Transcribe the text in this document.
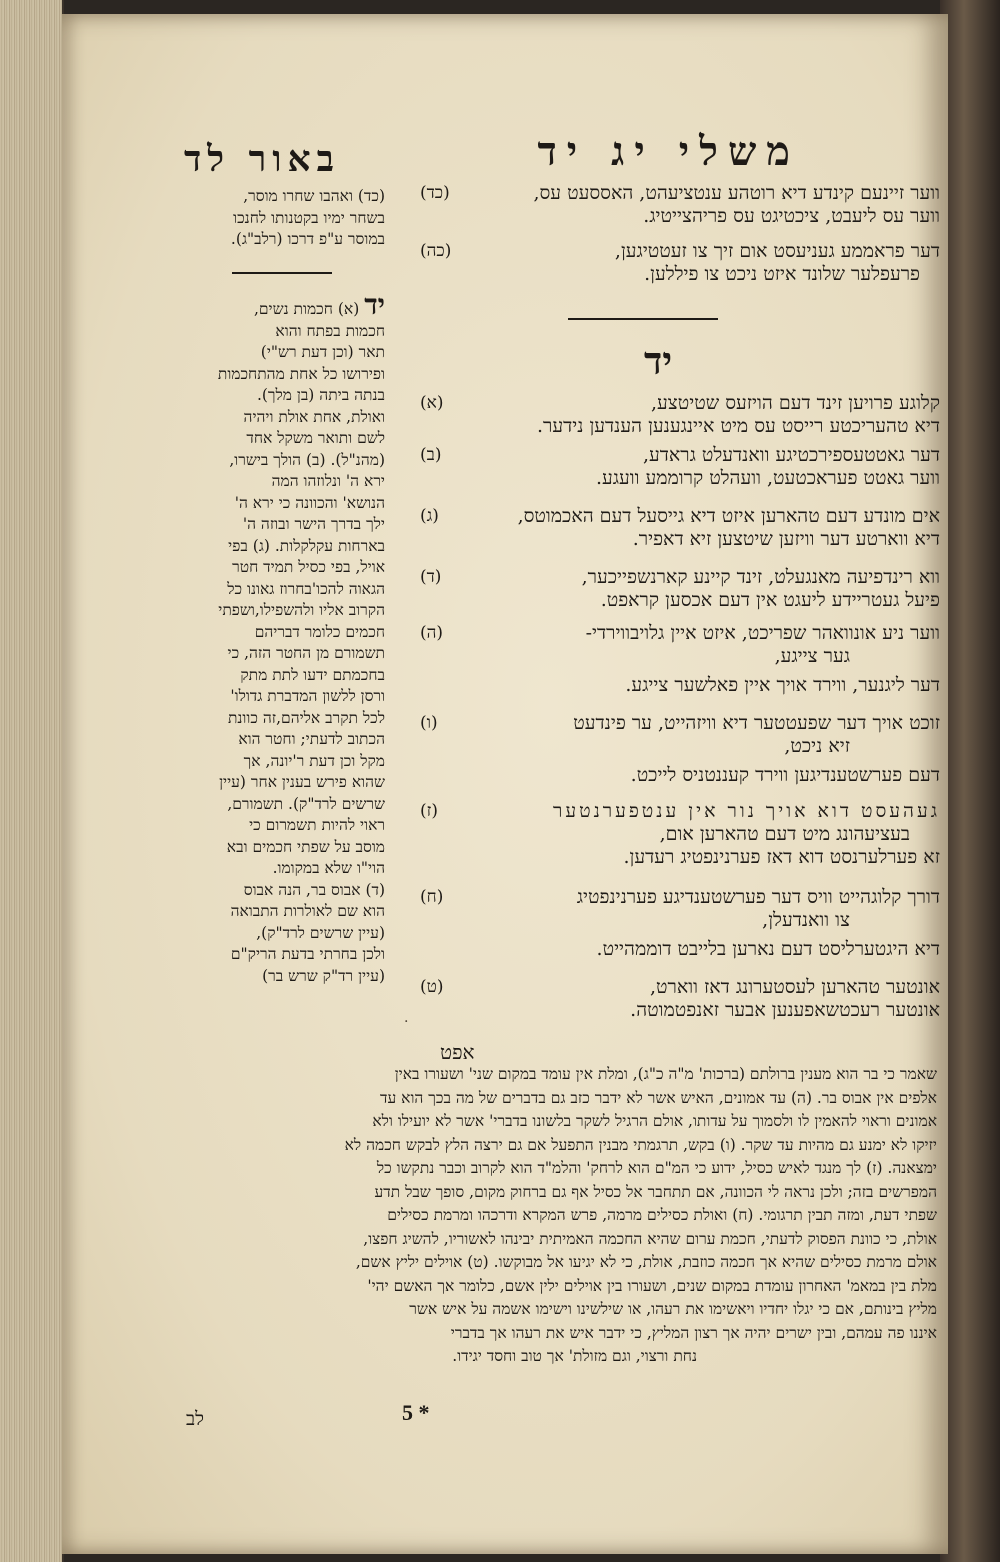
משלי יג יד
באור לד
(כד)	ווער זיינעם קינדע דיא רוטהע ענטציעהט, האססעט עס,
ווער עס ליעבט, ציכטיגט עס פריהצייטיג.
(כה)	דער פראממע געניעסט אום זיך צו זעטטיגען,
פרעפלער שלונד איזט ניכט צו פיללען.
יד
(א)	קלוגע פרויען זינד דעם הויזעס שטיטצע,
דיא טהעריכטע רייסט עס מיט איינגענען הענדען נידער.
(ב)	דער גאטטעספירכטיגע וואנדעלט גראדע,
ווער גאטט פעראכטעט, וועהלט קרוממע וועגע.
(ג)	אים מונדע דעם טהארען איזט דיא גייסעל דעם האכמוטס,
דיא ווארטע דער וויזען שיטצען זיא דאפיר.
(ד)	ווא רינדפיעה מאנגעלט, זינד קיינע קארנשפייכער,
פיעל געטריידע ליעגט אין דעם אכסען קראפט.
(ה)	ווער ניע אונוואהר שפריכט, איזט איין גלויבווירדי-
גער צייגע,
דער ליגנער, ווירד אויך איין פאלשער צייגע.
(ו)	זוכט אויך דער שפעטטער דיא וויזהייט, ער פינדעט
זיא ניכט,
דעם פערשטענדיגען ווירד קעננטניס לייכט.
(ז)	געהעסט דוא אויך נור אין ענטפערנטער
בעציעהונג מיט דעם טהארען אום,
זא פערלערנסט דוא דאז פערנינפטיג רעדען.
(ח)	דורך קלוגהייט וויס דער פערשטענדיגע פערנינפטיג
צו וואנדעלן,
דיא היגטערליסט דעם נארען בלייבט דוממהייט.
(ט)	אונטער טהארען לעסטערונג דאז ווארט,
אונטער רעכטשאפענען אבער זאנפטמוטה.
אפט
.
(כד) ואהבו שחרו מוסר,
בשחר ימיו בקטנותו לחנכו
במוסר ע"פ דרכו (רלב"ג).
יד (א) חכמות נשים,
חכמות בפתח והוא
תאר (וכן דעת רש"י)
ופירושו כל אחת מהתחכמות
בנתה ביתה (בן מלך).
ואולת, אחת אולת ויהיה
לשם ותואר משקל אחד
(מהנ"ל). (ב) הולך בישרו,
ירא ה' ונלוזהו המה
הנושא' והכוונה כי ירא ה'
ילך בדרך הישר ובוזה ה'
בארחות עקלקלות. (ג) בפי
אויל, בפי כסיל תמיד חטר
הגאוה להכו'בחרוז גאונו כל
הקרוב אליו ולהשפילו,ושפתי
חכמים כלומר דבריהם
תשמורם מן החטר הזה, כי
בחכמתם ידעו לתת מתק
ורסן ללשון המדברת גדולו'
לכל תקרב אליהם,זה כוונת
הכתוב לדעתי; וחטר הוא
מקל וכן דעת ר'יונה, אך
שהוא פירש בענין אחר (עיין
שרשים לרד"ק). תשמורם,
ראוי להיות תשמרום כי
מוסב על שפתי חכמים ובא
הוי"ו שלא במקומו.
(ד) אבוס בר, הנה אבוס
הוא שם לאולרות התבואה
(עיין שרשים לרד"ק),
ולכן בחרתי בדעת הריק"ם
(עיין רד"ק שרש בר)
שאמר כי בר הוא מענין ברולתם (ברכות' מ"ה כ"ג), ומלת אין עומד במקום שני' ושעורו באין
אלפים אין אבוס בר. (ה) עד אמונים, האיש אשר לא ידבר כזב גם בדברים של מה בכך הוא עד
אמונים וראוי להאמין לו ולסמוך על עדותו, אולם הרגיל לשקר בלשונו בדברי' אשר לא יועילו ולא
יזיקו לא ימנע גם מהיות עד שקר. (ו) בקש, תרגמתי מבנין התפעל אם גם ירצה הלץ לבקש חכמה לא
ימצאנה. (ז) לך מנגד לאיש כסיל, ידוע כי המ"ם הוא לרחק' והלמ"ד הוא לקרוב וכבר נתקשו כל
המפרשים בזה; ולכן נראה לי הכוונה, אם תתחבר אל כסיל אף גם ברחוק מקום, סופך שבל תדע
שפתי דעת, ומזה תבין תרגומי. (ח) ואולת כסילים מרמה, פרש המקרא ודרכהו ומרמת כסילים
אולת, כי כוונת הפסוק לדעתי, חכמת ערום שהיא החכמה האמיתית יבינהו לאשוריו, להשיג חפצו,
אולם מרמת כסילים שהיא אך חכמה כוזבת, אולת, כי לא יגיעו אל מבוקשו. (ט) אוילים יליץ אשם,
מלת בין במאמ' האחרון עומדת במקום שנים, ושעורו בין אוילים ילין אשם, כלומר אך האשם יהי'
מליץ בינותם, אם כי יגלו יחדיו ויאשימו את רעהו, או שילשינו וישימו אשמה על איש אשר
איננו פה עמהם, ובין ישרים יהיה אך רצון המליץ, כי ידבר איש את רעהו אך בדברי
נחת ורצוי, וגם מזולת' אך טוב וחסד יגידו.
5 *
לב
